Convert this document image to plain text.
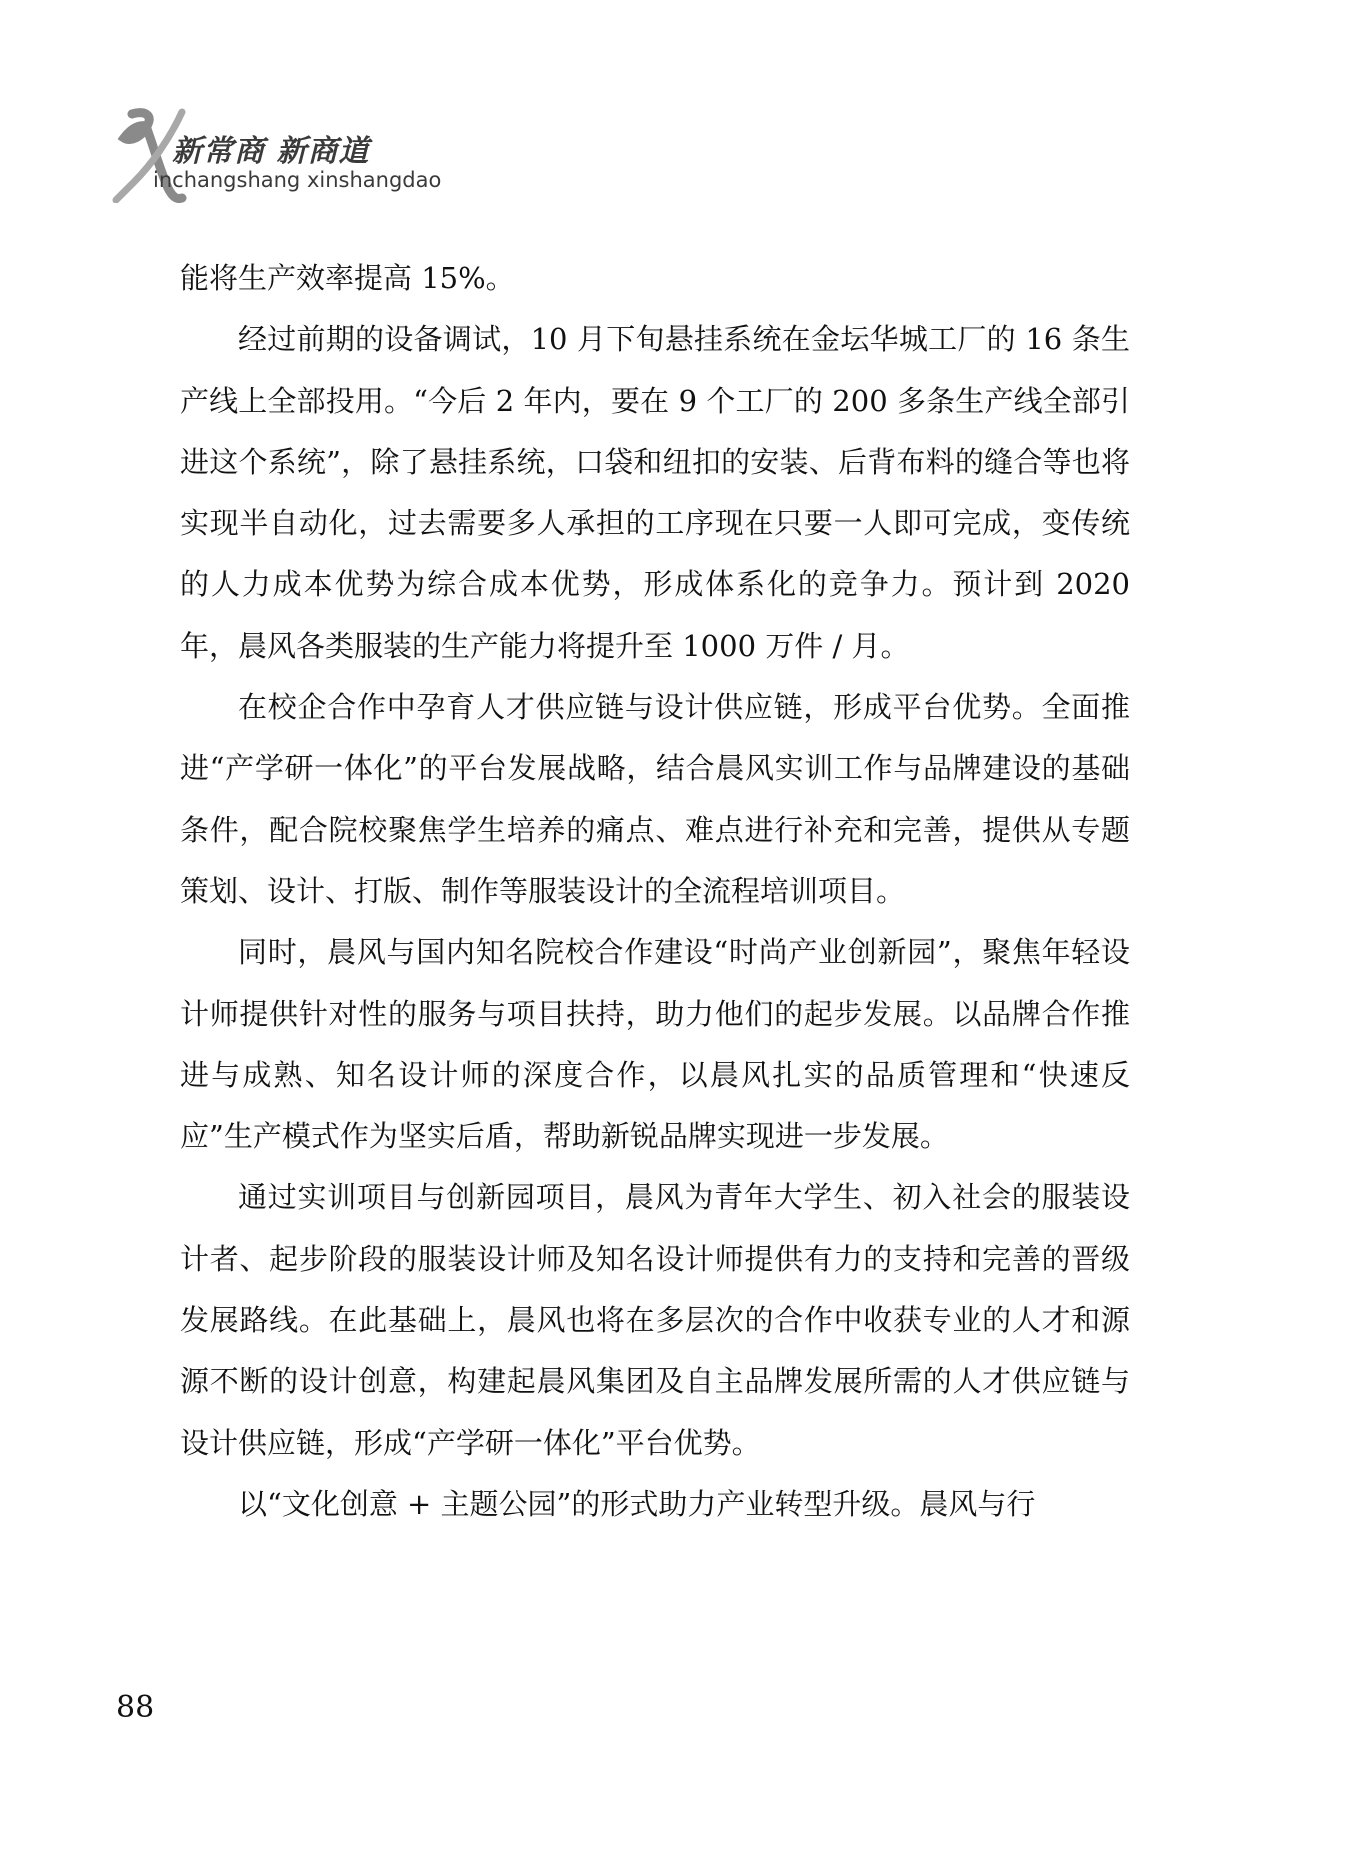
新常商 新商道
inchangshang xinshangdao

能将生产效率提高 15%。

经过前期的设备调试，10 月下旬悬挂系统在金坛华城工厂的 16 条生产线上全部投用。“今后 2 年内，要在 9 个工厂的 200 多条生产线全部引进这个系统”，除了悬挂系统，口袋和纽扣的安装、后背布料的缝合等也将实现半自动化，过去需要多人承担的工序现在只要一人即可完成，变传统的人力成本优势为综合成本优势，形成体系化的竞争力。预计到 2020 年，晨风各类服装的生产能力将提升至 1000 万件 / 月。

在校企合作中孕育人才供应链与设计供应链，形成平台优势。全面推进“产学研一体化”的平台发展战略，结合晨风实训工作与品牌建设的基础条件，配合院校聚焦学生培养的痛点、难点进行补充和完善，提供从专题策划、设计、打版、制作等服装设计的全流程培训项目。

同时，晨风与国内知名院校合作建设“时尚产业创新园”，聚焦年轻设计师提供针对性的服务与项目扶持，助力他们的起步发展。以品牌合作推进与成熟、知名设计师的深度合作，以晨风扎实的品质管理和“快速反应”生产模式作为坚实后盾，帮助新锐品牌实现进一步发展。

通过实训项目与创新园项目，晨风为青年大学生、初入社会的服装设计者、起步阶段的服装设计师及知名设计师提供有力的支持和完善的晋级发展路线。在此基础上，晨风也将在多层次的合作中收获专业的人才和源源不断的设计创意，构建起晨风集团及自主品牌发展所需的人才供应链与设计供应链，形成“产学研一体化”平台优势。

以“文化创意 + 主题公园”的形式助力产业转型升级。晨风与行

88
